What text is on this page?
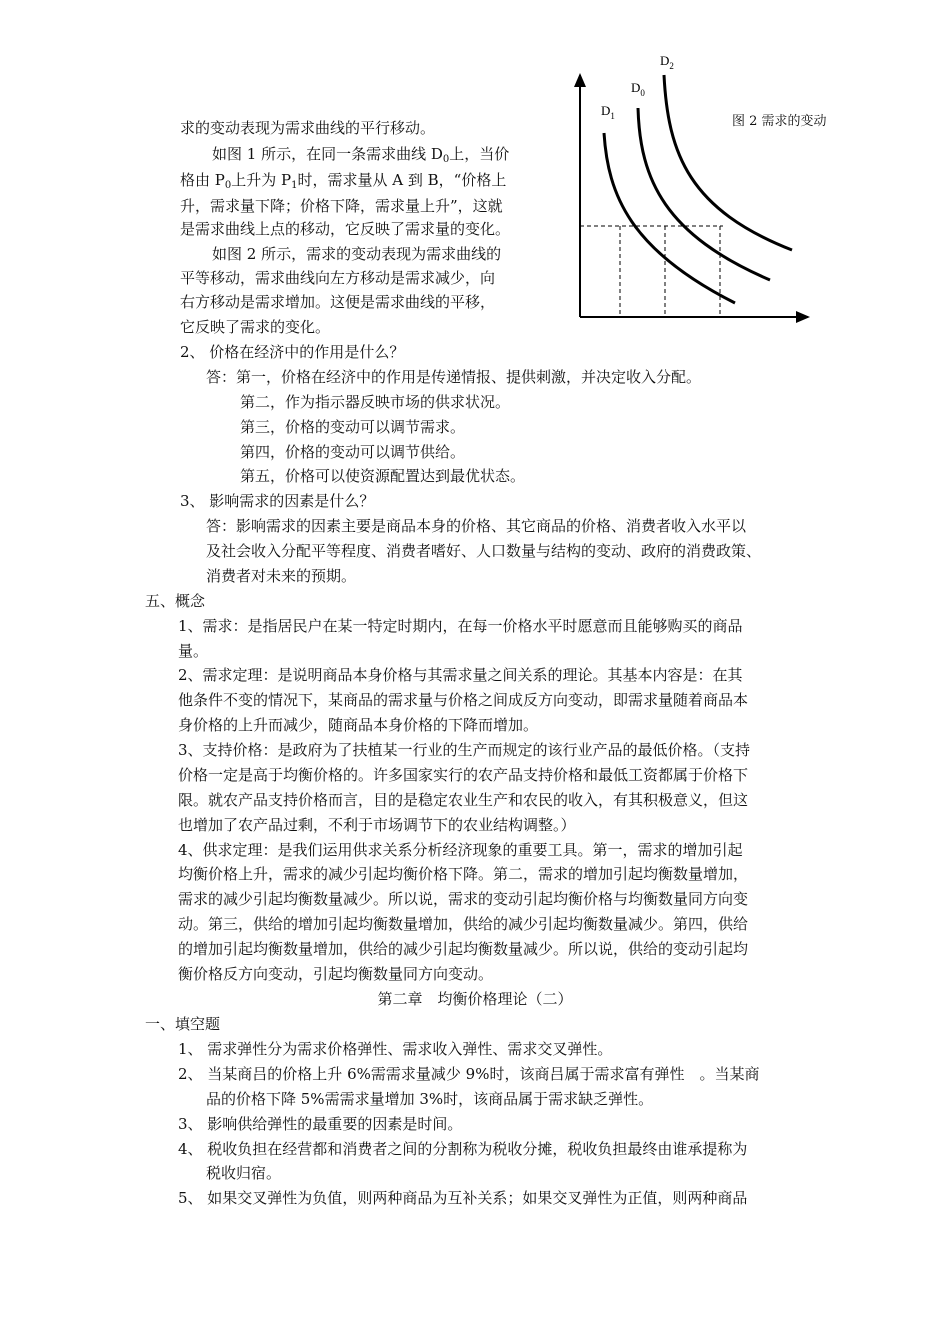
$D_1$
$D_0$
$D_2$
图 2 需求的变动
求的变动表现为需求曲线的平行移动。
如图 1 所示，在同一条需求曲线 $D_0$上，当价
格由 $P_0$上升为 $P_1$时，需求量从 A 到 B，“价格上
升，需求量下降；价格下降，需求量上升”，这就
是需求曲线上点的移动，它反映了需求量的变化。
如图 2 所示，需求的变动表现为需求曲线的
平等移动，需求曲线向左方移动是需求减少，向
右方移动是需求增加。这便是需求曲线的平移，
它反映了需求的变化。
2、 价格在经济中的作用是什么？
答：第一，价格在经济中的作用是传递情报、提供刺激，并决定收入分配。
第二，作为指示器反映市场的供求状况。
第三，价格的变动可以调节需求。
第四，价格的变动可以调节供给。
第五，价格可以使资源配置达到最优状态。
3、 影响需求的因素是什么？
答：影响需求的因素主要是商品本身的价格、其它商品的价格、消费者收入水平以
及社会收入分配平等程度、消费者嗜好、人口数量与结构的变动、政府的消费政策、
消费者对未来的预期。
五、概念
1、需求：是指居民户在某一特定时期内，在每一价格水平时愿意而且能够购买的商品
量。
2、需求定理：是说明商品本身价格与其需求量之间关系的理论。其基本内容是：在其
他条件不变的情况下，某商品的需求量与价格之间成反方向变动，即需求量随着商品本
身价格的上升而减少，随商品本身价格的下降而增加。
3、支持价格：是政府为了扶植某一行业的生产而规定的该行业产品的最低价格。（支持
价格一定是高于均衡价格的。许多国家实行的农产品支持价格和最低工资都属于价格下
限。就农产品支持价格而言，目的是稳定农业生产和农民的收入，有其积极意义，但这
也增加了农产品过剩，不利于市场调节下的农业结构调整。）
4、供求定理：是我们运用供求关系分析经济现象的重要工具。第一，需求的增加引起
均衡价格上升，需求的减少引起均衡价格下降。第二，需求的增加引起均衡数量增加，
需求的减少引起均衡数量减少。所以说，需求的变动引起均衡价格与均衡数量同方向变
动。第三，供给的增加引起均衡数量增加，供给的减少引起均衡数量减少。第四，供给
的增加引起均衡数量增加，供给的减少引起均衡数量减少。所以说，供给的变动引起均
衡价格反方向变动，引起均衡数量同方向变动。
第二章　均衡价格理论（二）
一、填空题
1、 需求弹性分为需求价格弹性、需求收入弹性、需求交叉弹性。
2、 当某商吕的价格上升 6%需需求量减少 9%时，该商吕属于需求富有弹性　。当某商
品的价格下降 5%需需求量增加 3%时，该商品属于需求缺乏弹性。
3、 影响供给弹性的最重要的因素是时间。
4、 税收负担在经营都和消费者之间的分割称为税收分摊，税收负担最终由谁承提称为
税收归宿。
5、 如果交叉弹性为负值，则两种商品为互补关系；如果交叉弹性为正值，则两种商品
